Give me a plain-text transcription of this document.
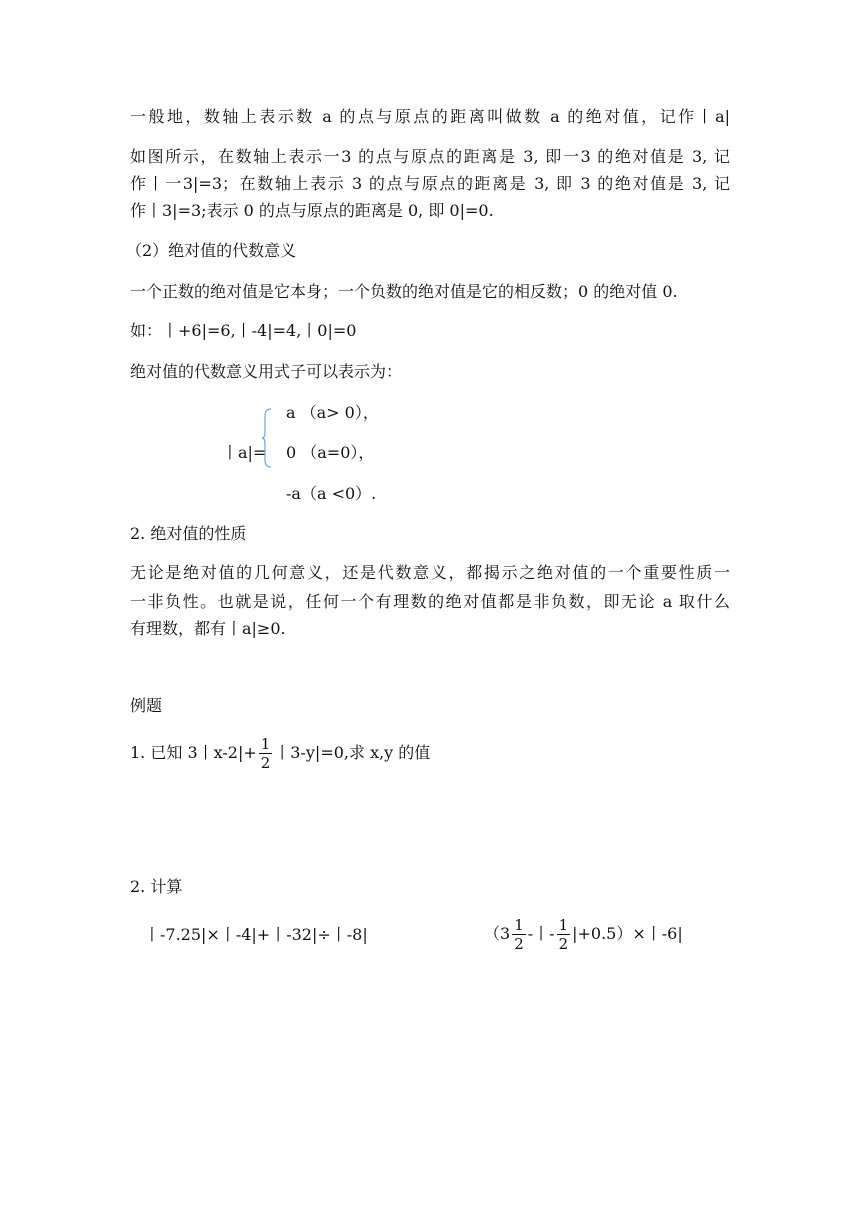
一般地，数轴上表示数 a 的点与原点的距离叫做数 a 的绝对值，记作丨a|
如图所示，在数轴上表示一3 的点与原点的距离是 3, 即一3 的绝对值是 3, 记
作丨一3|=3；在数轴上表示 3 的点与原点的距离是 3, 即 3 的绝对值是 3, 记
作丨3|=3;表示 0 的点与原点的距离是 0, 即 0|=0.
（2）绝对值的代数意义
一个正数的绝对值是它本身；一个负数的绝对值是它的相反数；0 的绝对值 0.
如：丨+6|=6,丨-4|=4,丨0|=0
绝对值的代数意义用式子可以表示为：
丨a|=
a （a> 0），
0 （a=0），
-a（a <0）.
2. 绝对值的性质
无论是绝对值的几何意义，还是代数意义，都揭示之绝对值的一个重要性质一
一非负性。也就是说，任何一个有理数的绝对值都是非负数，即无论 a 取什么
有理数，都有丨a|≥0.
例题
1. 已知 3丨$x-2|+ \frac{1}{2}$ 丨3-y|=0,求 x,y 的值
2. 计算
丨-7.25|×丨-4|+丨-32|÷丨-8|	（$3 \frac{1}{2}$ -丨- $\frac{1}{2} |+0.5)\times$丨-6|
